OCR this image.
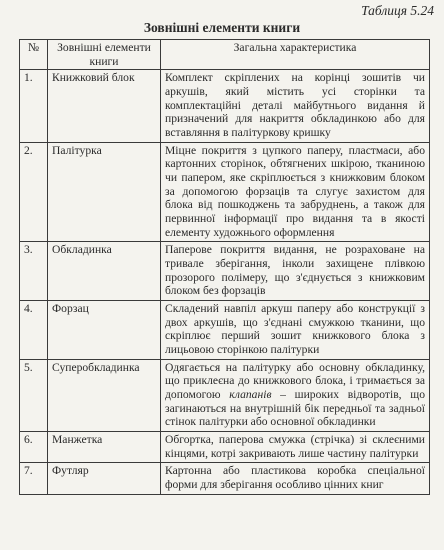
Таблиця 5.24
Зовнішні елементи книги
№	Зовнішні елементи книги	Загальна характеристика
1.	Книжковий блок	Комплект скріплених на корінці зошитів чи аркушів, який містить усі сторінки та комплектаційні деталі майбутнього видання й призначений для накриття обкладинкою або для вставляння в палітуркову кришку
2.	Палітурка	Міцне покриття з цупкого паперу, пластмаси, або картонних сторінок, обтягнених шкірою, тканиною чи папером, яке скріплюється з книжковим блоком за допомогою форзаців та слугує захистом для блока від пошкоджень та забруднень, а також для первинної інформації про видання та в якості елементу художнього оформлення
3.	Обкладинка	Паперове покриття видання, не розраховане на тривале зберігання, інколи захищене плівкою прозорого полімеру, що з'єднується з книжковим блоком без форзаців
4.	Форзац	Складений навпіл аркуш паперу або конструкції з двох аркушів, що з'єднані смужкою тканини, що скріплює перший зошит книжкового блока з лицьовою сторінкою палітурки
5.	Суперобкладинка	Одягається на палітурку або основну обкладинку, що приклеєна до книжкового блока, і тримається за допомогою клапанів – широких відворотів, що загинаються на внутрішній бік передньої та задньої стінок палітурки або основної обкладинки
6.	Манжетка	Обгортка, паперова смужка (стрічка) зі склеєними кінцями, котрі закривають лише частину палітурки
7.	Футляр	Картонна або пластикова коробка спеціальної форми для зберігання особливо цінних книг
